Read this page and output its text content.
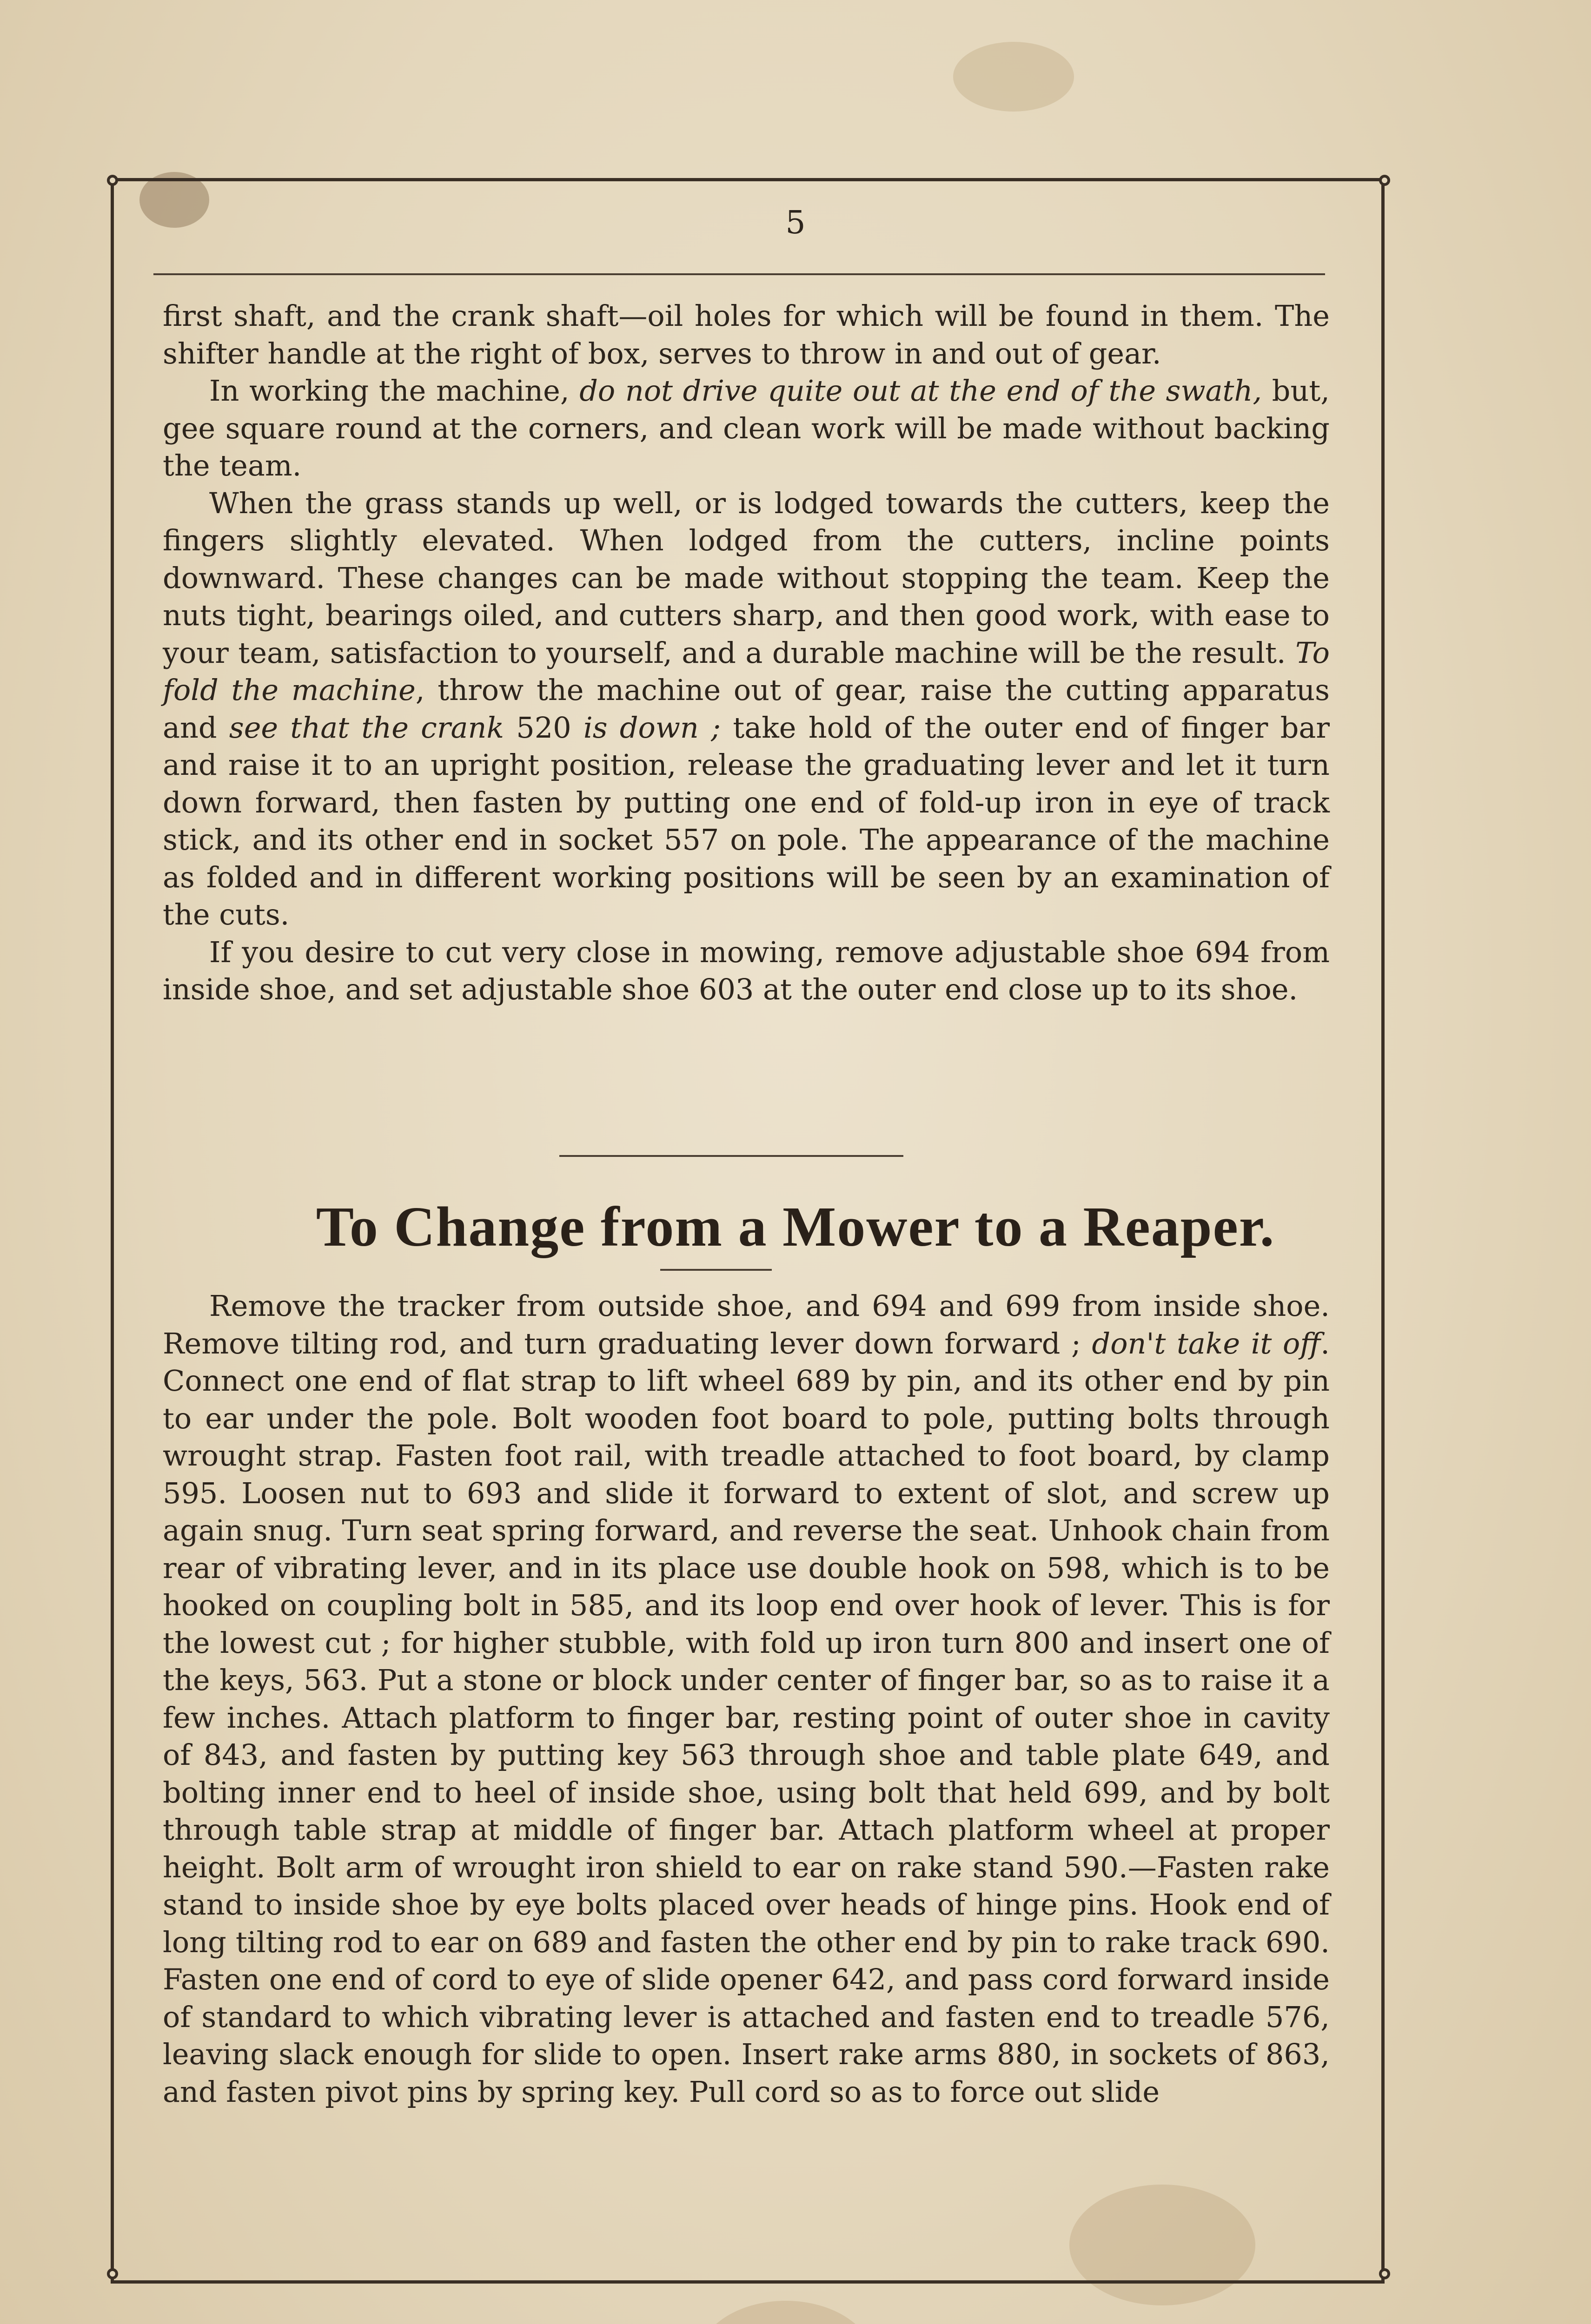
5

first shaft, and the crank shaft—oil holes for which will be found in them. The shifter handle at the right of box, serves to throw in and out of gear.

In working the machine, do not drive quite out at the end of the swath, but, gee square round at the corners, and clean work will be made without backing the team.

When the grass stands up well, or is lodged towards the cutters, keep the fingers slightly elevated. When lodged from the cutters, incline points downward. These changes can be made without stopping the team. Keep the nuts tight, bearings oiled, and cutters sharp, and then good work, with ease to your team, satisfaction to yourself, and a durable machine will be the result. To fold the machine, throw the machine out of gear, raise the cutting apparatus and see that the crank 520 is down ; take hold of the outer end of finger bar and raise it to an upright position, release the graduating lever and let it turn down forward, then fasten by putting one end of fold-up iron in eye of track stick, and its other end in socket 557 on pole. The appearance of the machine as folded and in different working positions will be seen by an examination of the cuts.

If you desire to cut very close in mowing, remove adjustable shoe 694 from inside shoe, and set adjustable shoe 603 at the outer end close up to its shoe.

To Change from a Mower to a Reaper.

Remove the tracker from outside shoe, and 694 and 699 from inside shoe. Remove tilting rod, and turn graduating lever down forward ; don't take it off. Connect one end of flat strap to lift wheel 689 by pin, and its other end by pin to ear under the pole. Bolt wooden foot board to pole, putting bolts through wrought strap. Fasten foot rail, with treadle attached to foot board, by clamp 595. Loosen nut to 693 and slide it forward to extent of slot, and screw up again snug. Turn seat spring forward, and reverse the seat. Unhook chain from rear of vibrating lever, and in its place use double hook on 598, which is to be hooked on coupling bolt in 585, and its loop end over hook of lever. This is for the lowest cut ; for higher stubble, with fold up iron turn 800 and insert one of the keys, 563. Put a stone or block under center of finger bar, so as to raise it a few inches. Attach platform to finger bar, resting point of outer shoe in cavity of 843, and fasten by putting key 563 through shoe and table plate 649, and bolting inner end to heel of inside shoe, using bolt that held 699, and by bolt through table strap at middle of finger bar. Attach platform wheel at proper height. Bolt arm of wrought iron shield to ear on rake stand 590.—Fasten rake stand to inside shoe by eye bolts placed over heads of hinge pins. Hook end of long tilting rod to ear on 689 and fasten the other end by pin to rake track 690. Fasten one end of cord to eye of slide opener 642, and pass cord forward inside of standard to which vibrating lever is attached and fasten end to treadle 576, leaving slack enough for slide to open. Insert rake arms 880, in sockets of 863, and fasten pivot pins by spring key. Pull cord so as to force out slide
